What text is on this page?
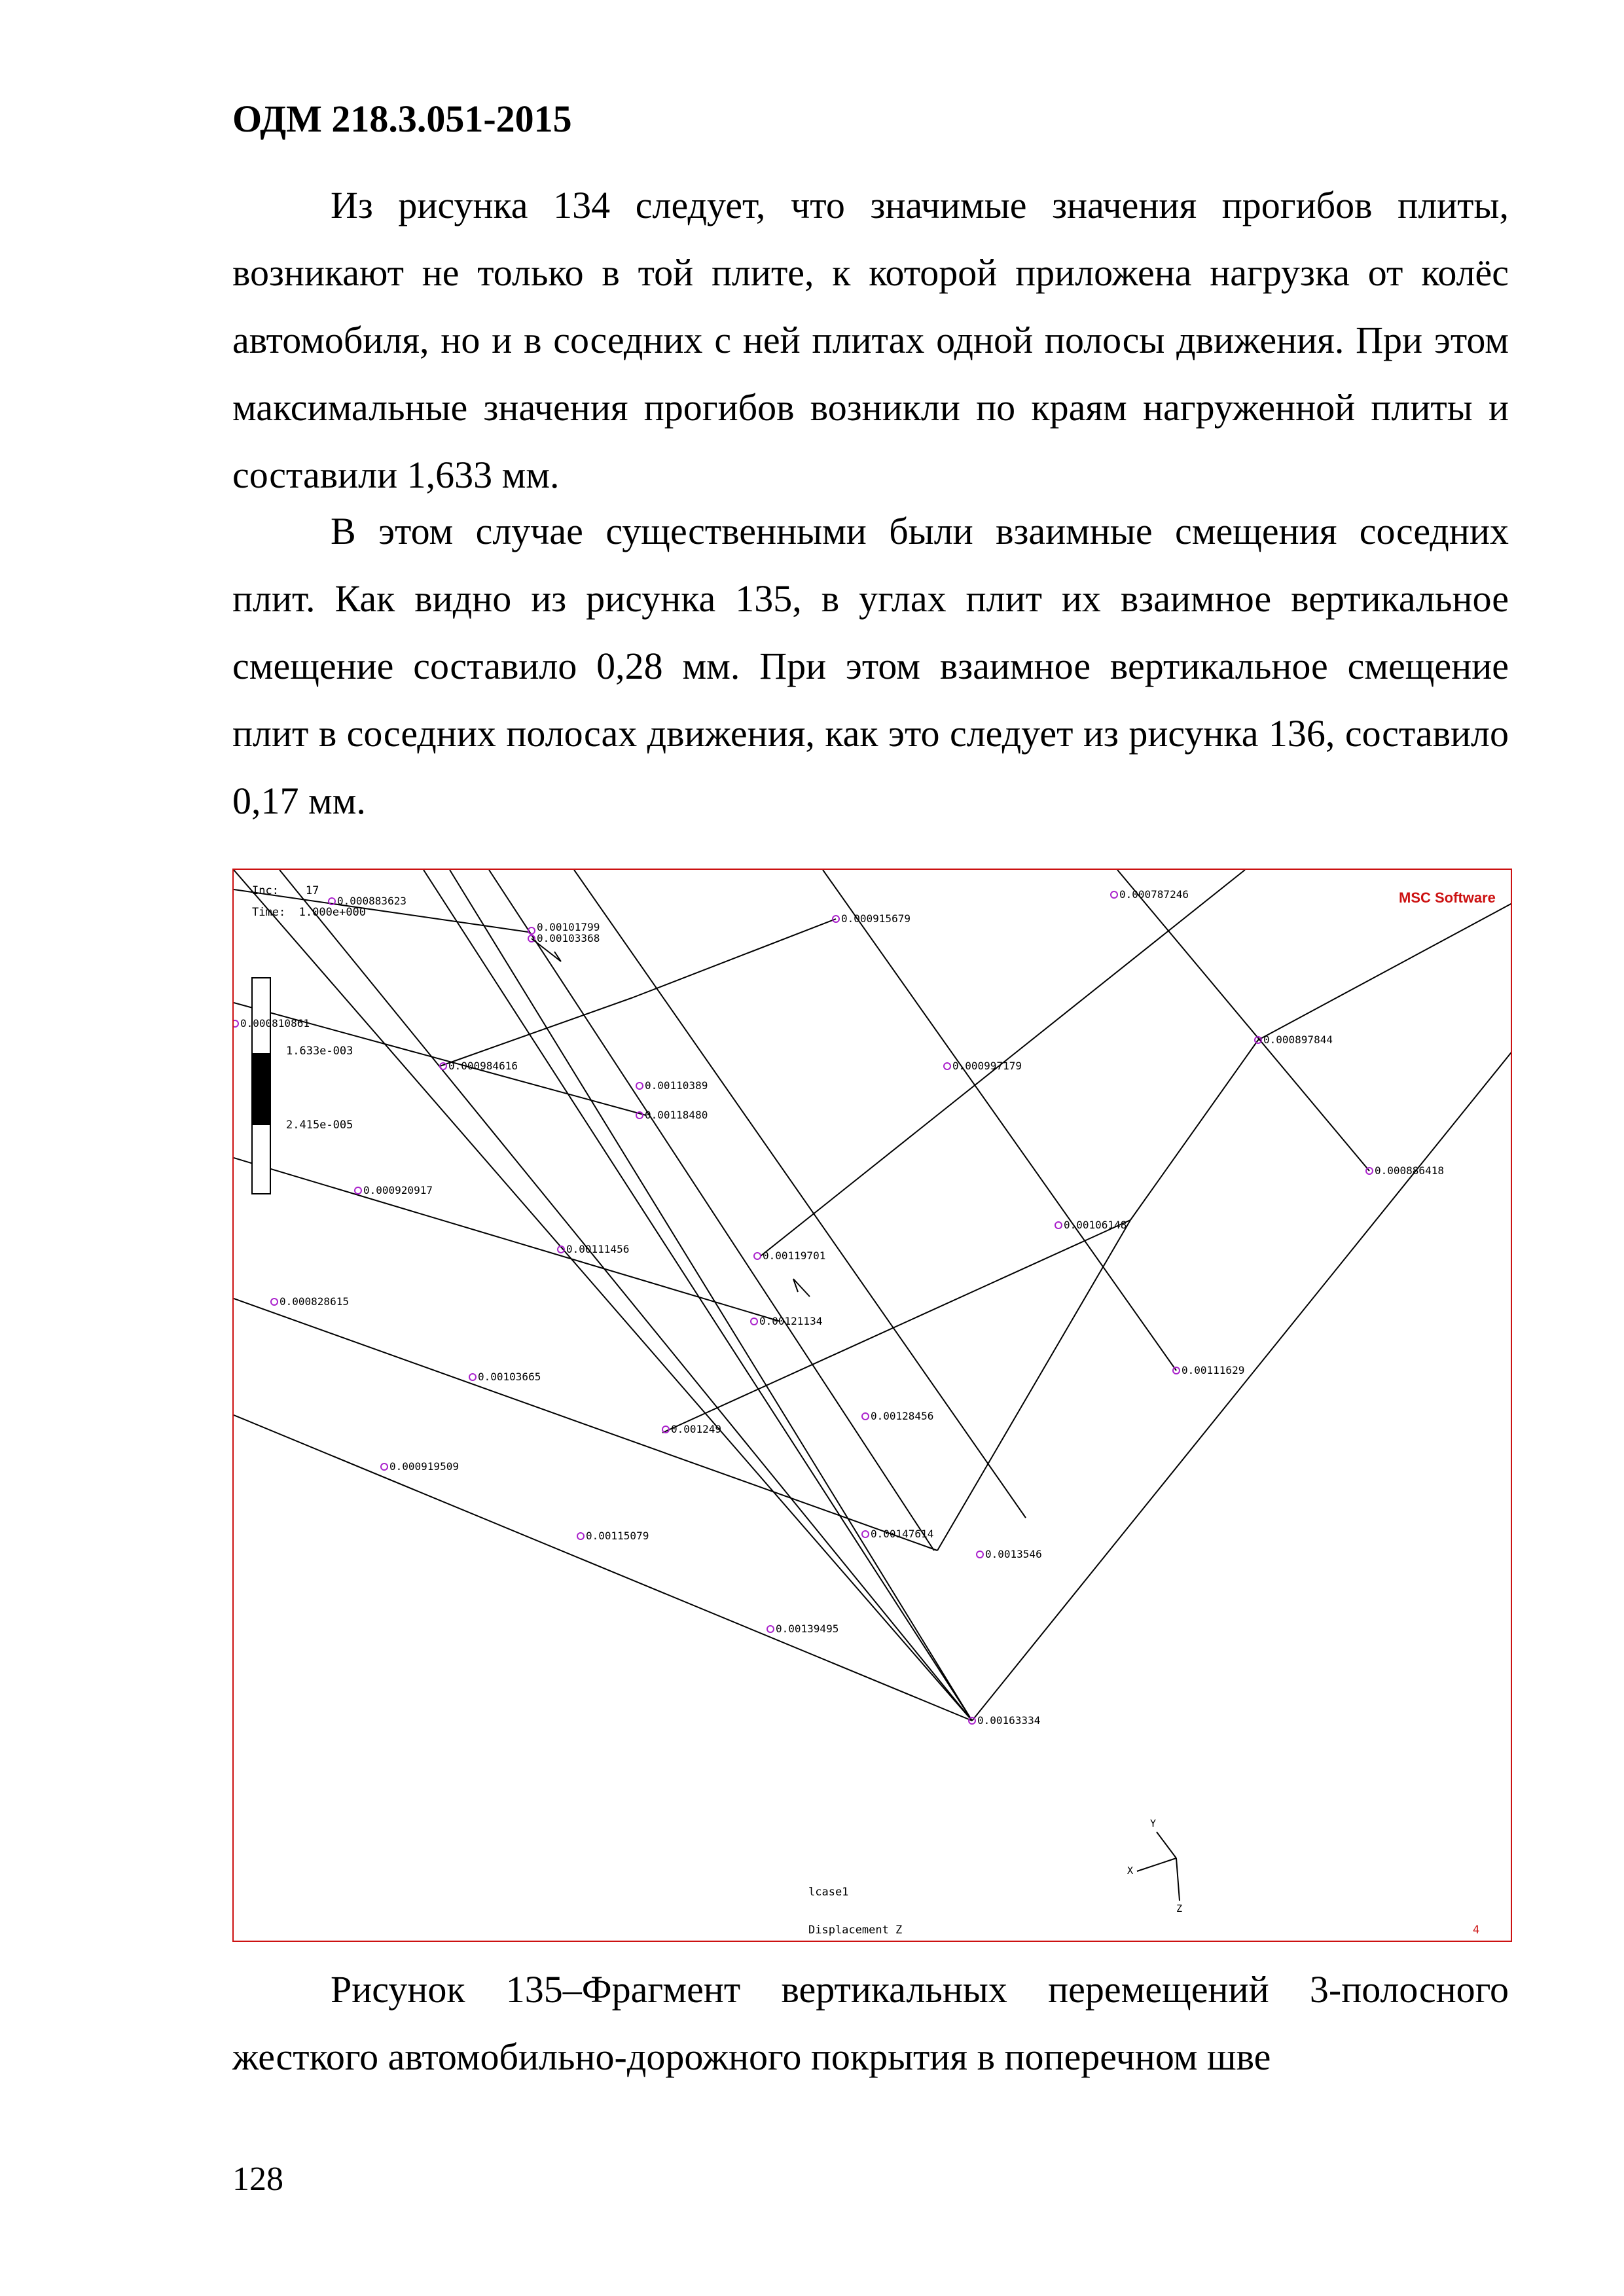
ОДМ 218.3.051-2015

Из рисунка 134 следует, что значимые значения прогибов плиты, возникают не только в той плите, к которой приложена нагрузка от колёс автомобиля, но и в соседних с ней плитах одной полосы движения. При этом максимальные значения прогибов возникли по краям нагруженной плиты и составили 1,633 мм.

В этом случае существенными были взаимные смещения соседних плит. Как видно из рисунка 135, в углах плит их взаимное вертикальное смещение составило 0,28 мм. При этом взаимное вертикальное смещение плит в соседних полосах движения, как это следует из рисунка 136, составило 0,17 мм.

Inc: 17
Time: 1.000e+000
MSC Software
1.633e-003
2.415e-005
0.000883623
0.00101799
0.00103368
0.000915679
0.000787246
0.000810861
0.000984616
0.00110389
0.00118480
0.000997179
0.000897844
0.000920917
0.00111456
0.00119701
0.00106148
0.000886418
0.000828615
0.00121134
0.00103665
0.00128456
0.00111629
0.001249
0.000919509
0.00147614
0.0013546
0.00115079
0.00139495
0.00163334
Y
X
Z
lcase1
Displacement Z	4

Рисунок 135–Фрагмент вертикальных перемещений 3-полосного жесткого автомобильно-дорожного покрытия в поперечном шве

128
